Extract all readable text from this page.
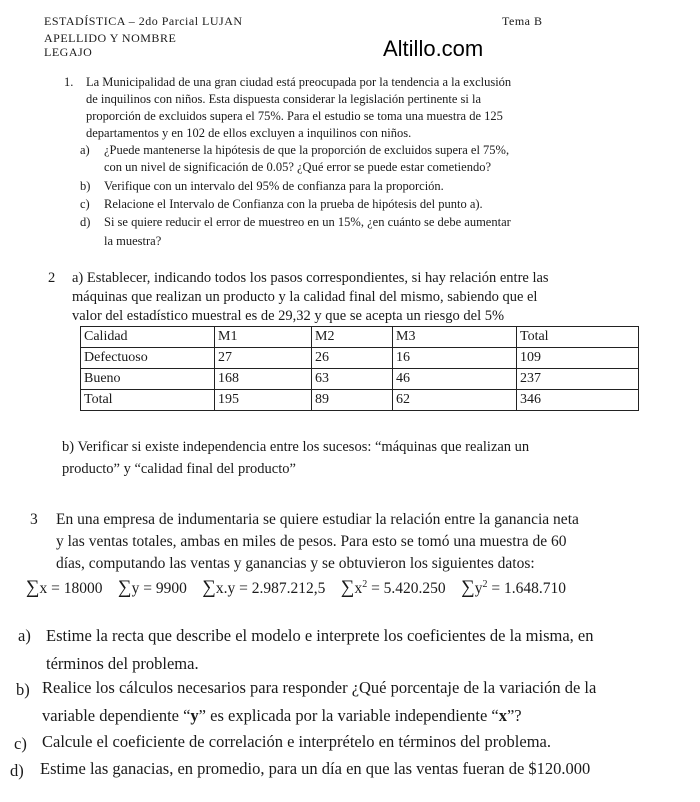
ESTADÍSTICA – 2do Parcial LUJAN	Tema B
APELLIDO Y NOMBRE
LEGAJO	Altillo.com
1. La Municipalidad de una gran ciudad está preocupada por la tendencia a la exclusión
de inquilinos con niños. Esta dispuesta considerar la legislación pertinente si la
proporción de excluidos supera el 75%. Para el estudio se toma una muestra de 125
departamentos y en 102 de ellos excluyen a inquilinos con niños.
a) ¿Puede mantenerse la hipótesis de que la proporción de excluidos supera el 75%,
con un nivel de significación de 0.05? ¿Qué error se puede estar cometiendo?
b) Verifique con un intervalo del 95% de confianza para la proporción.
c) Relacione el Intervalo de Confianza con la prueba de hipótesis del punto a).
d) Si se quiere reducir el error de muestreo en un 15%, ¿en cuánto se debe aumentar
la muestra?
2 a) Establecer, indicando todos los pasos correspondientes, si hay relación entre las
máquinas que realizan un producto y la calidad final del mismo, sabiendo que el
valor del estadístico muestral es de 29,32 y que se acepta un riesgo del 5%
Calidad	M1	M2	M3	Total
Defectuoso	27	26	16	109
Bueno	168	63	46	237
Total	195	89	62	346
b) Verificar si existe independencia entre los sucesos: “máquinas que realizan un
producto” y “calidad final del producto”
3 En una empresa de indumentaria se quiere estudiar la relación entre la ganancia neta
y las ventas totales, ambas en miles de pesos. Para esto se tomó una muestra de 60
días, computando las ventas y ganancias y se obtuvieron los siguientes datos:
∑x = 18000 ∑y = 9900 ∑x.y = 2.987.212,5 $\sum x^2 = 5.420.250$ $\sum y^2 = 1.648.710$
a) Estime la recta que describe el modelo e interprete los coeficientes de la misma, en
términos del problema.
b) Realice los cálculos necesarios para responder ¿Qué porcentaje de la variación de la
variable dependiente “y” es explicada por la variable independiente “x”?
c) Calcule el coeficiente de correlación e interprételo en términos del problema.
d) Estime las ganacias, en promedio, para un día en que las ventas fueran de $120.000
